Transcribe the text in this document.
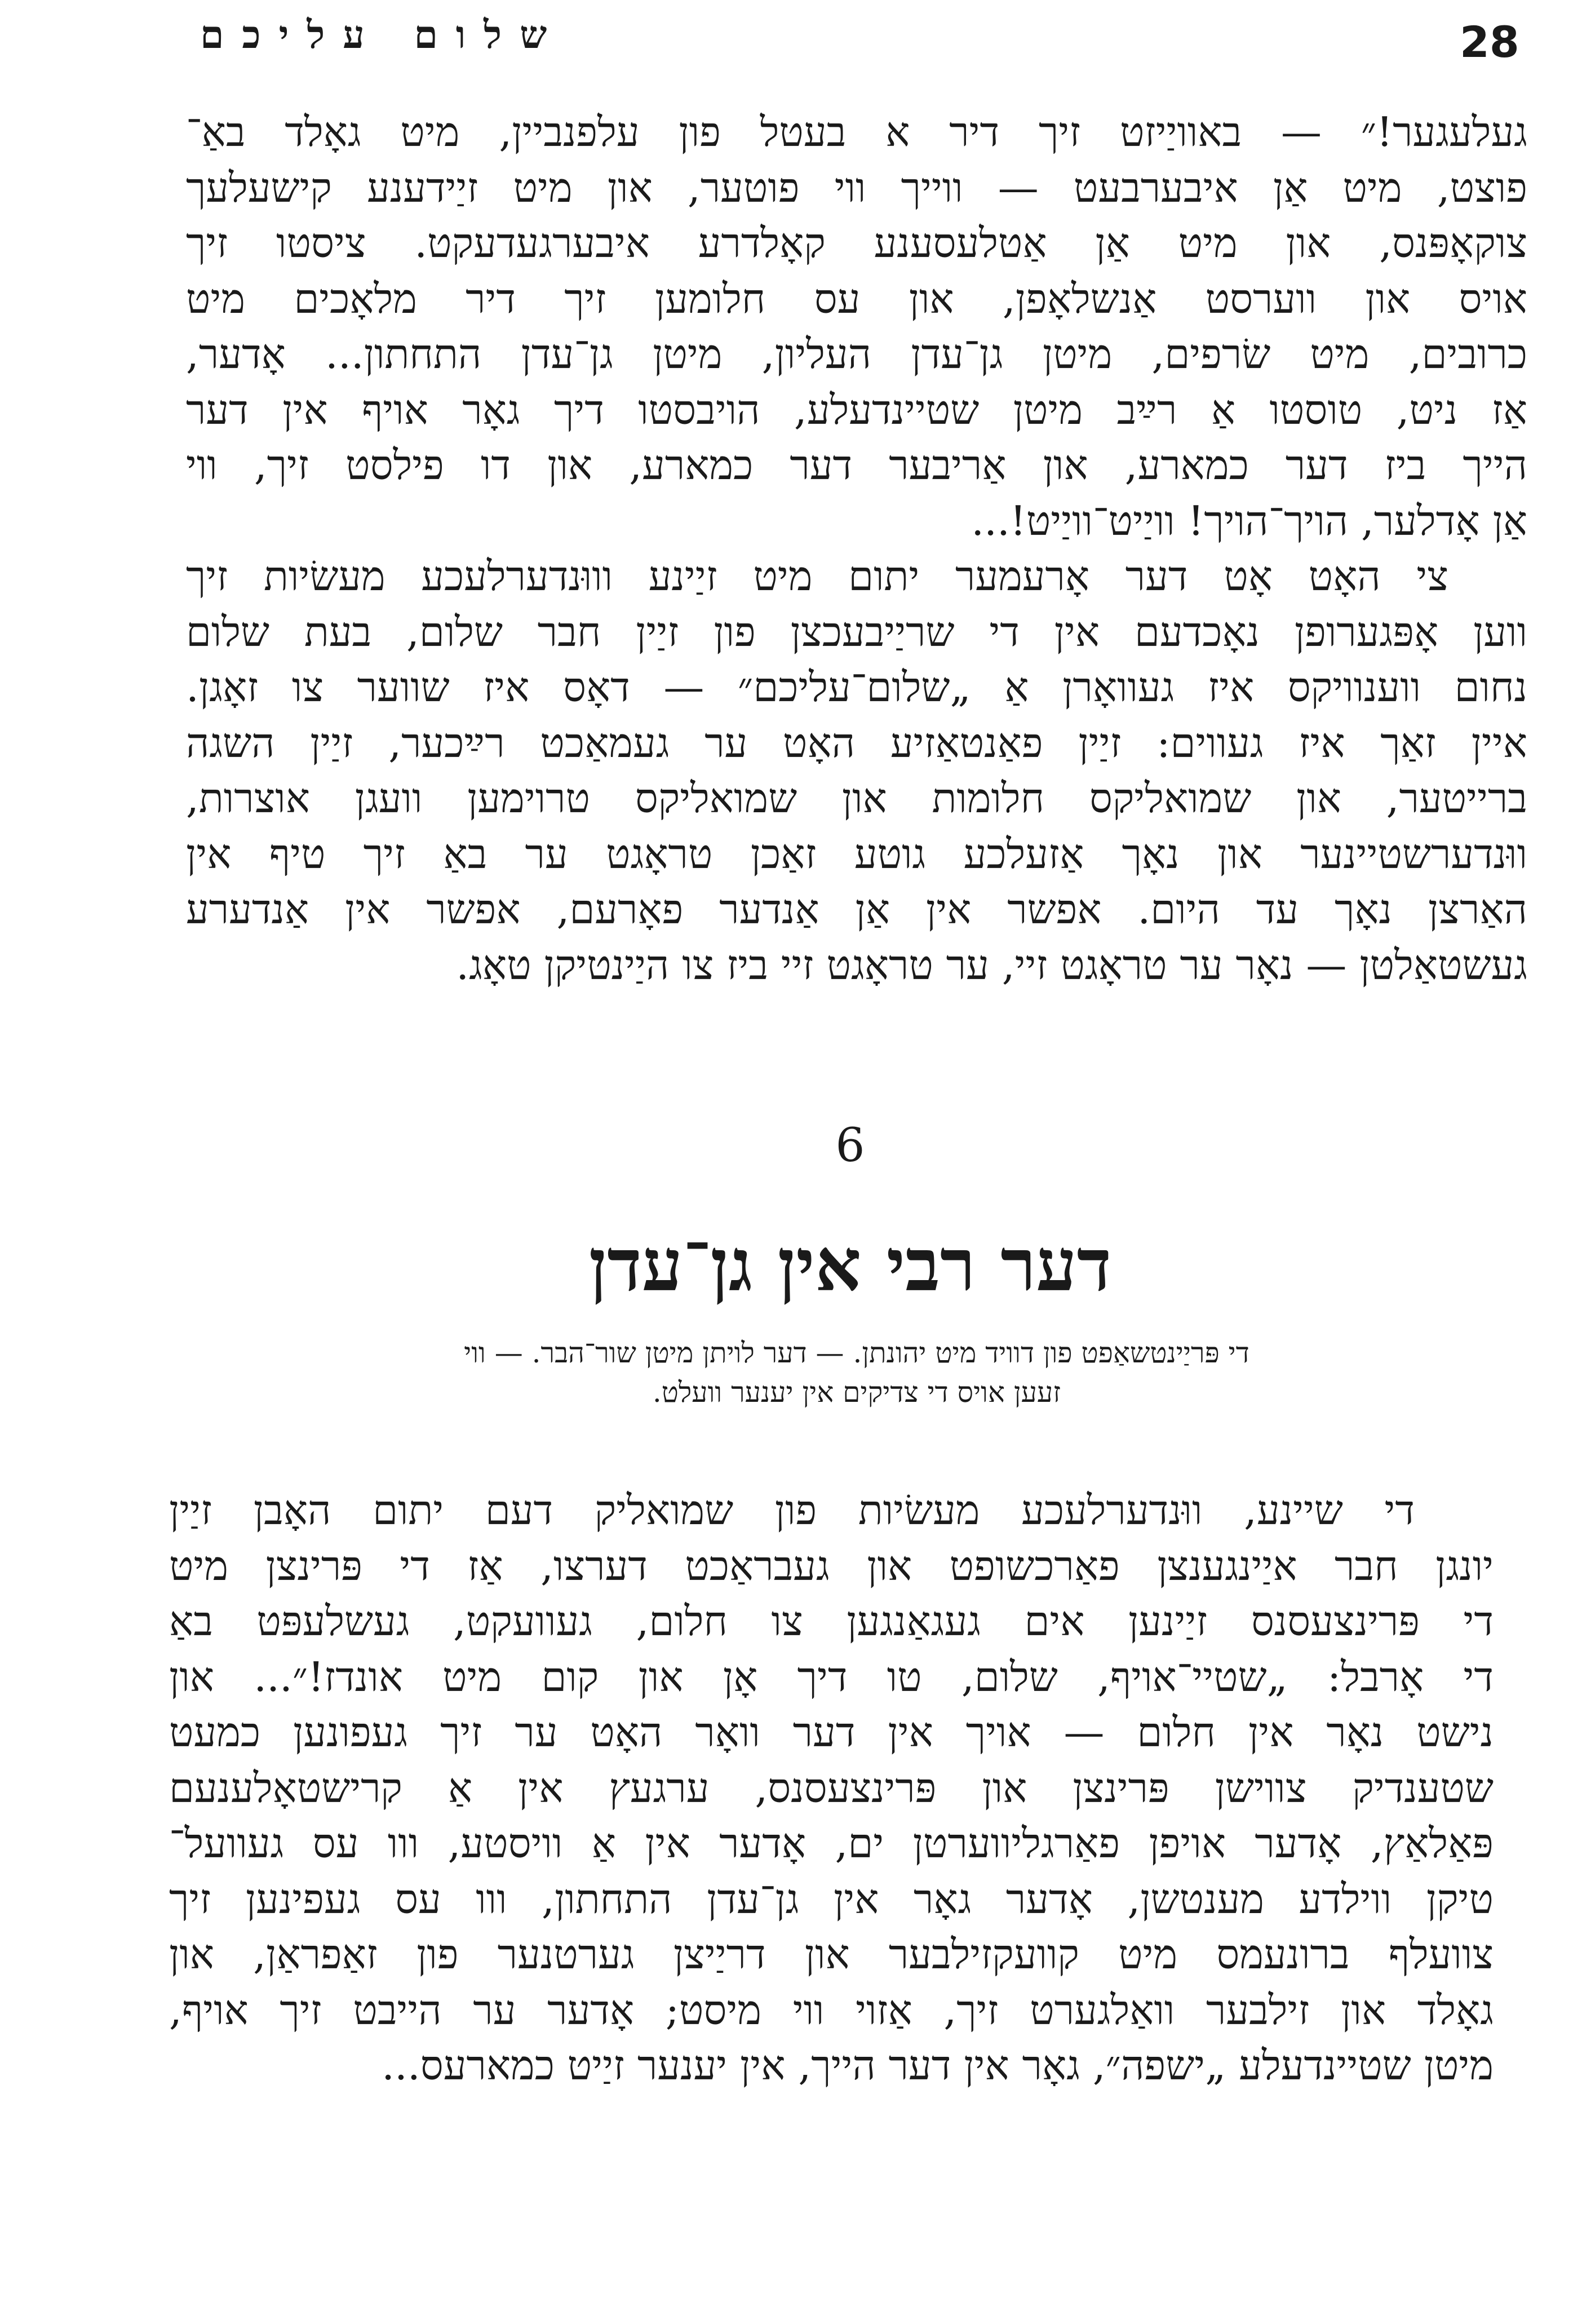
שלום עליכם	28
געלעגער!״ — באוויַיזט זיך דיר א בעטל פון עלפנביין, מיט גאָלד באַ־
פוצט, מיט אַן איבערבעט — ווייך ווי פוטער, און מיט זיַידענע קישעלעך
צוקאָפּנס, און מיט אַן אַטלעסענע קאָלדרע איבערגעדעקט. ציסטו זיך
אויס און ווערסט אַנשלאָפן, און עס חלומען זיך דיר מלאָכים מיט
כרובים, מיט שׂרפים, מיטן גן־עדן העליון, מיטן גן־עדן התחתון... אָדער,
אַז ניט, טוסטו אַ רײַב מיטן שטיינדעלע, הויבסטו דיך גאָר אויף אין דער
הייך ביז דער כמארע, און אַריבער דער כמארע, און דו פילסט זיך, ווי
אַן אָדלער, הויך־הויך! וויַיט־וויַיט!...
צי האָט אָט דער אָרעמער יתום מיט זיַינע וווּנדערלעכע מעשׂיות זיך
ווען אָפּגערופן נאָכדעם אין די שריַיבעכצן פון זיַין חבר שלום, בעת שלום
נחום ווענוויקס איז געוואָרן אַ „שלום־עליכם״ — דאָס איז שווער צו זאָגן.
איין זאַך איז געווים: זיַין פאַנטאַזיע האָט ער געמאַכט רײַכער, זיַין השגה
ברייטער, און שמואליקס חלומות און שמואליקס טרוימען וועגן אוצרות,
ווּנדערשטיינער און נאָך אַזעלכע גוטע זאַכן טראָגט ער באַ זיך טיף אין
האַרצן נאָך עד היום. אפשר אין אַן אַנדער פאָרעם, אפשר אין אַנדערע
געשטאַלטן — נאָר ער טראָגט זיי, ער טראָגט זיי ביז צו היַינטיקן טאָג.
6
דער רבי אין גן־עדן
די פּריַינטשאַפט פון דוויד מיט יהונתן. — דער לויתן מיטן שור־הבר. — ווי
זעען אויס די צדיקים אין יענער וועלט.
די שיינע, ווּנדערלעכע מעשׂיות פון שמואליק דעם יתום האָבן זיַין
יונגן חבר איַינגענצן פאַרכשופט און געבראַכט דערצו, אַז די פּרינצן מיט
די פּרינצעסנס זיַינען אים געגאַנגען צו חלום, געוועקט, געשלעפּט באַ
די אָרבל: „שטיי־אויף, שלום, טו דיך אָן און קום מיט אונדז!״... און
נישט נאָר אין חלום — אויך אין דער וואָר האָט ער זיך געפונען כמעט
שטענדיק צווישן פּרינצן און פּרינצעסנס, ערגעץ אין אַ קרישטאָלענעם
פּאַלאַץ, אָדער אויפן פאַרגליווערטן ים, אָדער אין אַ וויסטע, ווו עס געוועל־
טיקן ווילדע מענטשן, אָדער גאָר אין גן־עדן התחתון, ווו עס געפינען זיך
צוועלף ברונעמס מיט קוועקזילבער און דריַיצן גערטנער פון זאַפראַן, און
גאָלד און זילבער וואַלגערט זיך, אַזוי ווי מיסט; אָדער ער הייבט זיך אויף,
מיטן שטיינדעלע „ישפה״, גאָר אין דער הייך, אין יענער זיַיט כמארעס...
